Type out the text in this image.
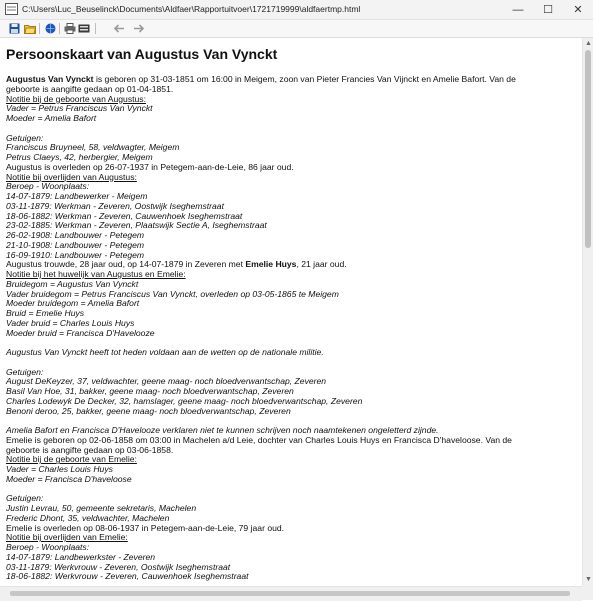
C:\Users\Luc_Beuselinck\Documents\Aldfaer\Rapportuitvoer\1721719999\aldfaertmp.html	—	☐	✕
Persoonskaart van Augustus Van Vynckt
Augustus Van Vynckt is geboren op 31-03-1851 om 16:00 in Meigem, zoon van Pieter Francies Van Vijnckt en Amelie Bafort. Van de
geboorte is aangifte gedaan op 01-04-1851.
Notitie bij de geboorte van Augustus:
Vader = Petrus Franciscus Van Vynckt
Moeder = Amelia Bafort
Getuigen:
Franciscus Bruyneel, 58, veldwagter, Meigem
Petrus Claeys, 42, herbergier, Meigem
Augustus is overleden op 26-07-1937 in Petegem-aan-de-Leie, 86 jaar oud.
Notitie bij overlijden van Augustus:
Beroep - Woonplaats:
14-07-1879: Landbewerker - Meigem
03-11-1879: Werkman - Zeveren, Oostwijk Iseghemstraat
18-06-1882: Werkman - Zeveren, Cauwenhoek Iseghemstraat
23-02-1885: Werkman - Zeveren, Plaatswijk Sectie A, Iseghemstraat
26-02-1908: Landbouwer - Petegem
21-10-1908: Landbouwer - Petegem
16-09-1910: Landbouwer - Petegem
Augustus trouwde, 28 jaar oud, op 14-07-1879 in Zeveren met Emelie Huys, 21 jaar oud.
Notitie bij het huwelijk van Augustus en Emelie:
Bruidegom = Augustus Van Vynckt
Vader bruidegom = Petrus Franciscus Van Vynckt, overleden op 03-05-1865 te Meigem
Moeder bruidegom = Amelia Bafort
Bruid = Emelie Huys
Vader bruid = Charles Louis Huys
Moeder bruid = Francisca D'Havelooze
Augustus Van Vynckt heeft tot heden voldaan aan de wetten op de nationale militie.
Getuigen:
August DeKeyzer, 37, veldwachter, geene maag- noch bloedverwantschap, Zeveren
Basil Van Hoe, 31, bakker, geene maag- noch bloedverwantschap, Zeveren
Charles Lodewyk De Decker, 32, hamslager, geene maag- noch bloedverwantschap, Zeveren
Benoni deroo, 25, bakker, geene maag- noch bloedverwantschap, Zeveren
Amelia Bafort en Francisca D'Havelooze verklaren niet te kunnen schrijven noch naamtekenen ongeletterd zijnde.
Emelie is geboren op 02-06-1858 om 03:00 in Machelen a/d Leie, dochter van Charles Louis Huys en Francisca D'haveloose. Van de
geboorte is aangifte gedaan op 03-06-1858.
Notitie bij de geboorte van Emelie:
Vader = Charles Louis Huys
Moeder = Francisca D'haveloose
Getuigen:
Justin Levrau, 50, gemeente sekretaris, Machelen
Frederic Dhont, 35, veldwachter, Machelen
Emelie is overleden op 08-06-1937 in Petegem-aan-de-Leie, 79 jaar oud.
Notitie bij overlijden van Emelie:
Beroep - Woonplaats:
14-07-1879: Landbewerkster - Zeveren
03-11-1879: Werkvrouw - Zeveren, Oostwijk Iseghemstraat
18-06-1882: Werkvrouw - Zeveren, Cauwenhoek Iseghemstraat
▲
▼
